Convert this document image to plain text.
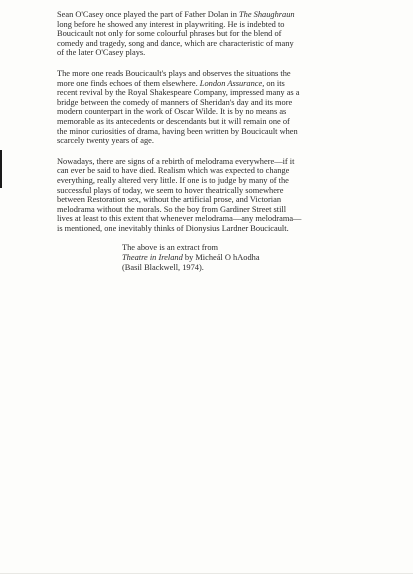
Sean O'Casey once played the part of Father Dolan in The Shaughraun
long before he showed any interest in playwriting. He is indebted to
Boucicault not only for some colourful phrases but for the blend of
comedy and tragedy, song and dance, which are characteristic of many
of the later O'Casey plays.

The more one reads Boucicault's plays and observes the situations the
more one finds echoes of them elsewhere. London Assurance, on its
recent revival by the Royal Shakespeare Company, impressed many as a
bridge between the comedy of manners of Sheridan's day and its more
modern counterpart in the work of Oscar Wilde. It is by no means as
memorable as its antecedents or descendants but it will remain one of
the minor curiosities of drama, having been written by Boucicault when
scarcely twenty years of age.

Nowadays, there are signs of a rebirth of melodrama everywhere—if it
can ever be said to have died. Realism which was expected to change
everything, really altered very little. If one is to judge by many of the
successful plays of today, we seem to hover theatrically somewhere
between Restoration sex, without the artificial prose, and Victorian
melodrama without the morals. So the boy from Gardiner Street still
lives at least to this extent that whenever melodrama—any melodrama—
is mentioned, one inevitably thinks of Dionysius Lardner Boucicault.

The above is an extract from
Theatre in Ireland by Micheál O hAodha
(Basil Blackwell, 1974).
